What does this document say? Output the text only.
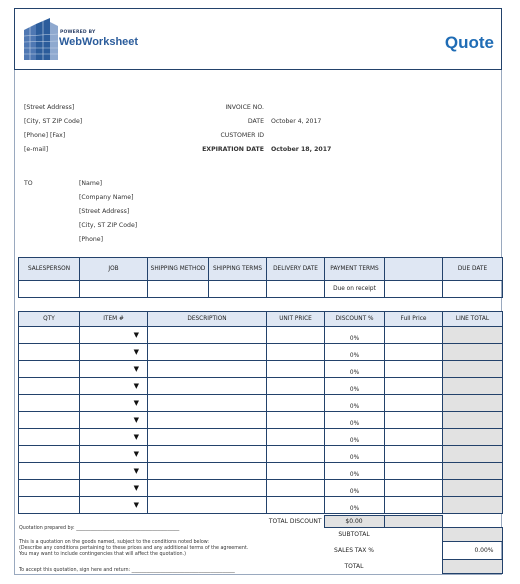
POWERED BY
WebWorksheet	Quote
[Street Address]
[City, ST ZIP Code]
[Phone] [Fax]
[e-mail]
INVOICE NO.
DATE October 4, 2017
CUSTOMER ID
EXPIRATION DATE October 18, 2017
TO	[Name]
[Company Name]
[Street Address]
[City, ST ZIP Code]
[Phone]
SALESPERSON	JOB	SHIPPING METHOD	SHIPPING TERMS	DELIVERY DATE	PAYMENT TERMS		DUE DATE
					Due on receipt		
QTY	ITEM #	DESCRIPTION	UNIT PRICE	DISCOUNT %	Full Price	LINE TOTAL
	▼			0%		
	▼			0%		
	▼			0%		
	▼			0%		
	▼			0%		
	▼			0%		
	▼			0%		
	▼			0%		
	▼			0%		
	▼			0%		
	▼			0%		
TOTAL DISCOUNT	$0.00		
	SUBTOTAL		
	SALES TAX %		0.00%
	TOTAL		
Quotation prepared by: ___________________________________________
This is a quotation on the goods named, subject to the conditions noted below:
(Describe any conditions pertaining to these prices and any additional terms of the agreement.
You may want to include contingencies that will affect the quotation.)
To accept this quotation, sign here and return: ___________________________________________
